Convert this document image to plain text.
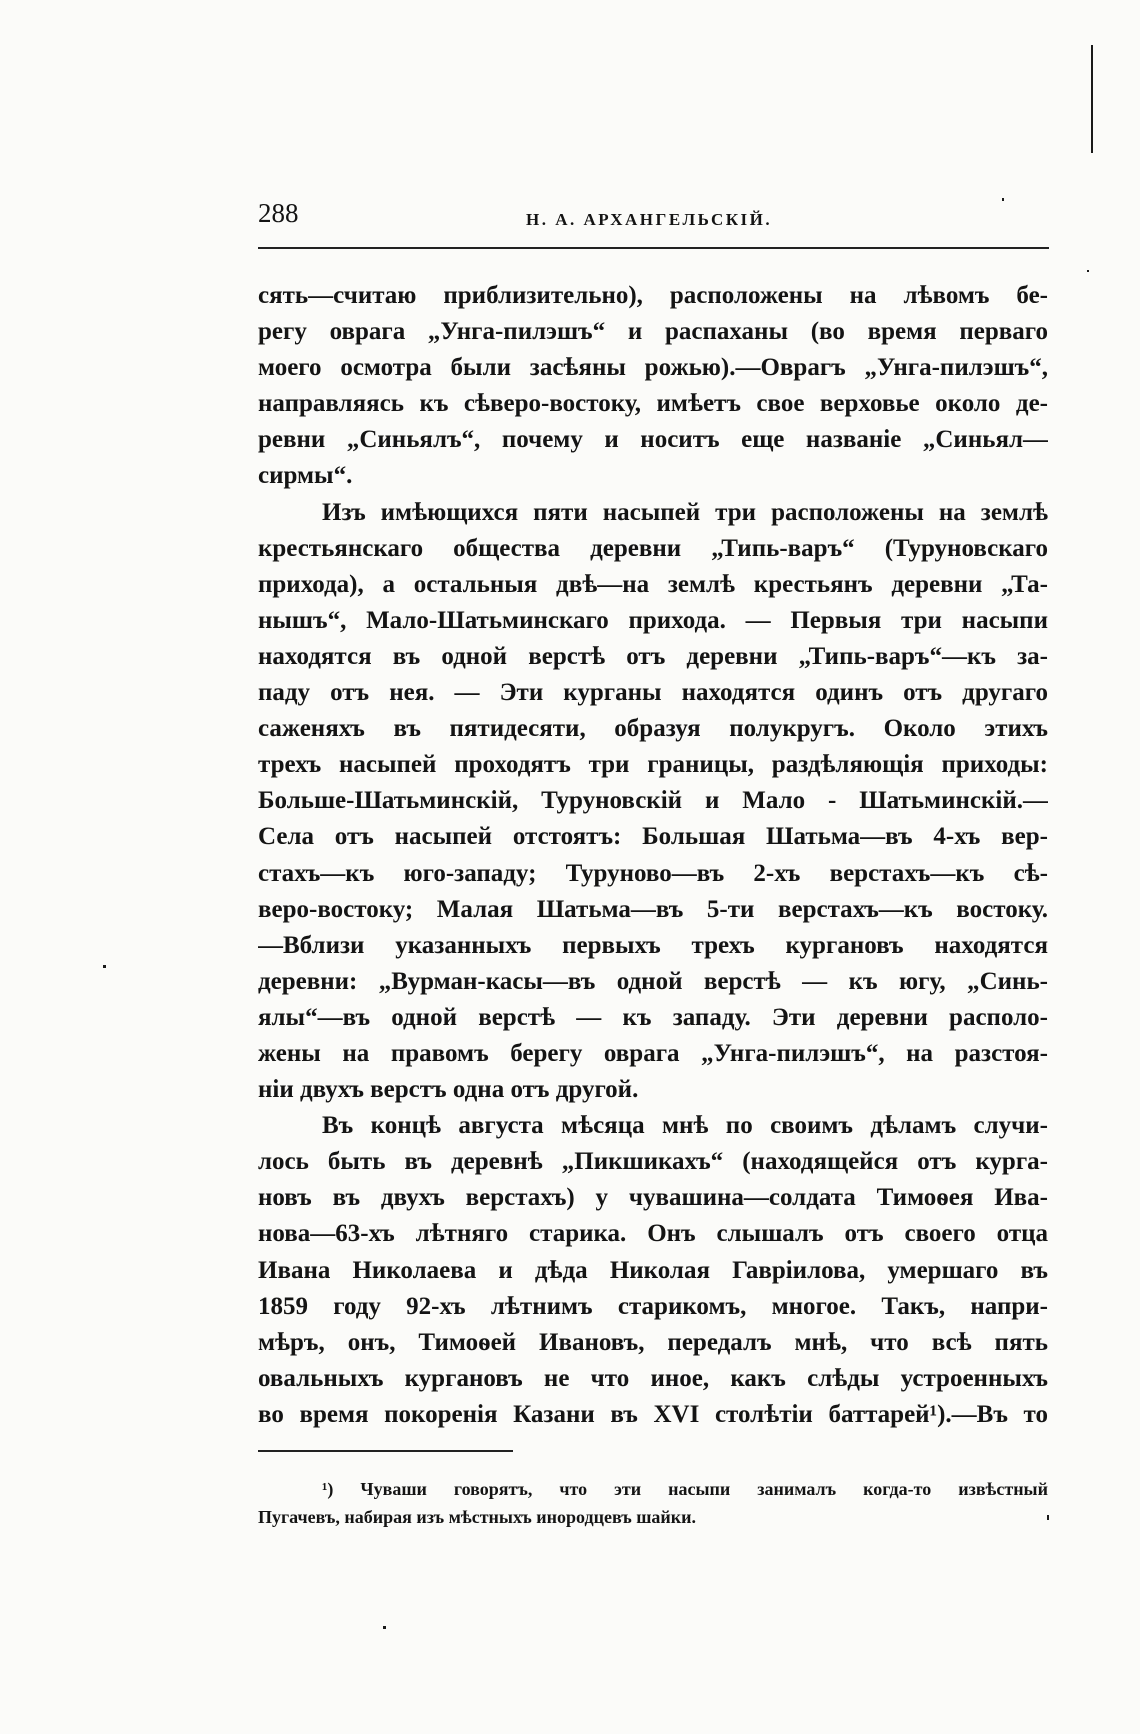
288	Н. А. АРХАНГЕЛЬСКІЙ.
сять—считаю приблизительно), расположены на лѣвомъ бе-
регу оврага „Унга-пилэшъ“ и распаханы (во время перваго
моего осмотра были засѣяны рожью).—Оврагъ „Унга-пилэшъ“,
направляясь къ сѣверо-востоку, имѣетъ свое верховье около де-
ревни „Синьялъ“, почему и носитъ еще названіе „Синьял—
сирмы“.
Изъ имѣющихся пяти насыпей три расположены на землѣ
крестьянскаго общества деревни „Типь-варъ“ (Туруновскаго
прихода), а остальныя двѣ—на землѣ крестьянъ деревни „Та-
нышъ“, Мало-Шатьминскаго прихода. — Первыя три насыпи
находятся въ одной верстѣ отъ деревни „Типь-варъ“—къ за-
паду отъ нея. — Эти курганы находятся одинъ отъ другаго
саженяхъ въ пятидесяти, образуя полукругъ. Около этихъ
трехъ насыпей проходятъ три границы, раздѣляющія приходы:
Больше-Шатьминскій, Туруновскій и Мало - Шатьминскій.—
Села отъ насыпей отстоятъ: Большая Шатьма—въ 4-хъ вер-
стахъ—къ юго-западу; Туруново—въ 2-хъ верстахъ—къ сѣ-
веро-востоку; Малая Шатьма—въ 5-ти верстахъ—къ востоку.
—Вблизи указанныхъ первыхъ трехъ кургановъ находятся
деревни: „Вурман-касы—въ одной верстѣ — къ югу, „Синь-
ялы“—въ одной верстѣ — къ западу. Эти деревни располо-
жены на правомъ берегу оврага „Унга-пилэшъ“, на разстоя-
ніи двухъ верстъ одна отъ другой.
Въ концѣ августа мѣсяца мнѣ по своимъ дѣламъ случи-
лось быть въ деревнѣ „Пикшикахъ“ (находящейся отъ курга-
новъ въ двухъ верстахъ) у чувашина—солдата Тимоѳея Ива-
нова—63-хъ лѣтняго старика. Онъ слышалъ отъ своего отца
Ивана Николаева и дѣда Николая Гавріилова, умершаго въ
1859 году 92-хъ лѣтнимъ старикомъ, многое. Такъ, напри-
мѣръ, онъ, Тимоѳей Ивановъ, передалъ мнѣ, что всѣ пять
овальныхъ кургановъ не что иное, какъ слѣды устроенныхъ
во время покоренія Казани въ XVI столѣтіи баттарей¹).—Въ то
¹) Чуваши говорятъ, что эти насыпи занималъ когда-то извѣстный
Пугачевъ, набирая изъ мѣстныхъ инородцевъ шайки.
